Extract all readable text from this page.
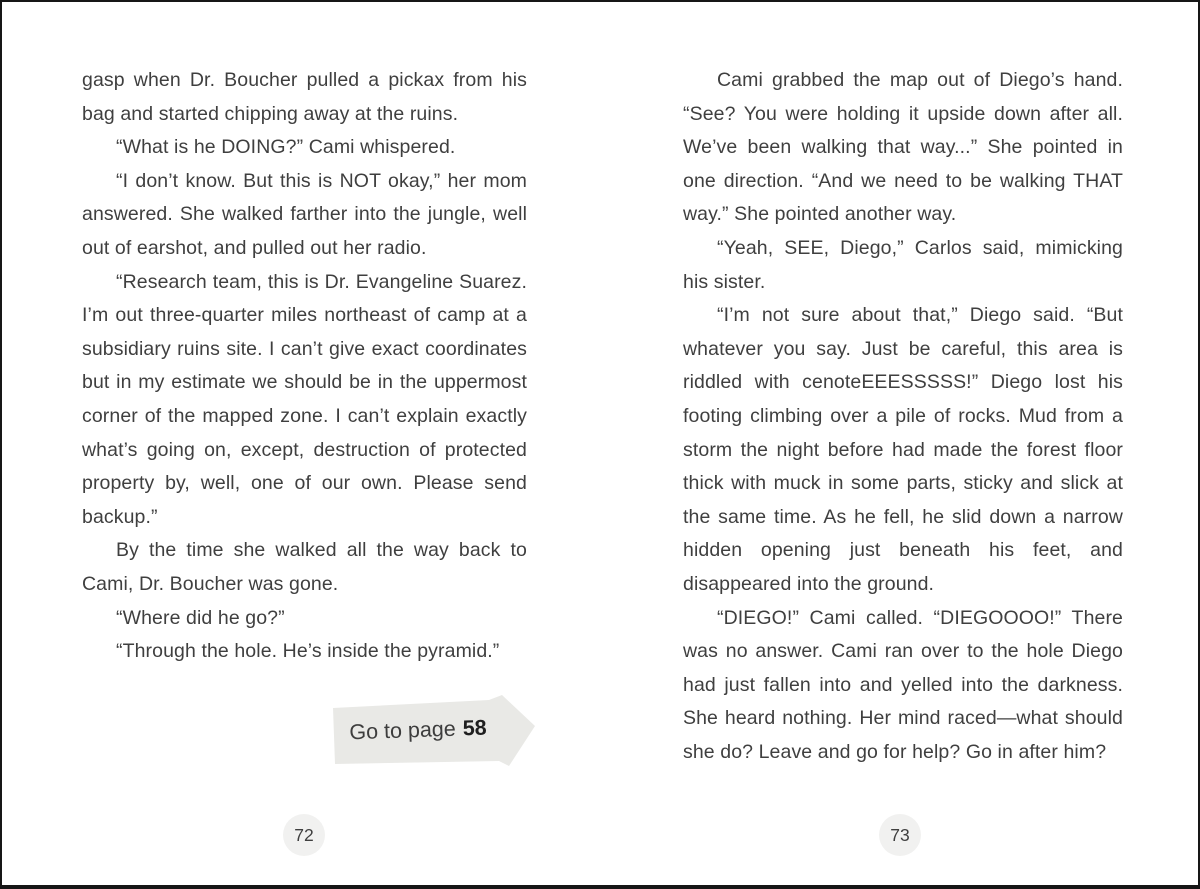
gasp when Dr. Boucher pulled a pickax from his bag and started chipping away at the ruins.

“What is he DOING?” Cami whispered.

“I don’t know. But this is NOT okay,” her mom answered. She walked farther into the jungle, well out of earshot, and pulled out her radio.

“Research team, this is Dr. Evangeline Suarez. I’m out three-quarter miles northeast of camp at a subsidiary ruins site. I can’t give exact coordinates but in my estimate we should be in the uppermost corner of the mapped zone. I can’t explain exactly what’s going on, except, destruction of protected property by, well, one of our own. Please send backup.”

By the time she walked all the way back to Cami, Dr. Boucher was gone.

“Where did he go?”

“Through the hole. He’s inside the pyramid.”

Cami grabbed the map out of Diego’s hand. “See? You were holding it upside down after all. We’ve been walking that way...” She pointed in one direction. “And we need to be walking THAT way.” She pointed another way.

“Yeah, SEE, Diego,” Carlos said, mimicking his sister.

“I’m not sure about that,” Diego said. “But whatever you say. Just be careful, this area is riddled with cenoteEEESSSSS!” Diego lost his footing climbing over a pile of rocks. Mud from a storm the night before had made the forest floor thick with muck in some parts, sticky and slick at the same time. As he fell, he slid down a narrow hidden opening just beneath his feet, and disappeared into the ground.

“DIEGO!” Cami called. “DIEGOOOO!” There was no answer. Cami ran over to the hole Diego had just fallen into and yelled into the darkness. She heard nothing. Her mind raced—what should she do? Leave and go for help? Go in after him?

Go to page 58
72	73
